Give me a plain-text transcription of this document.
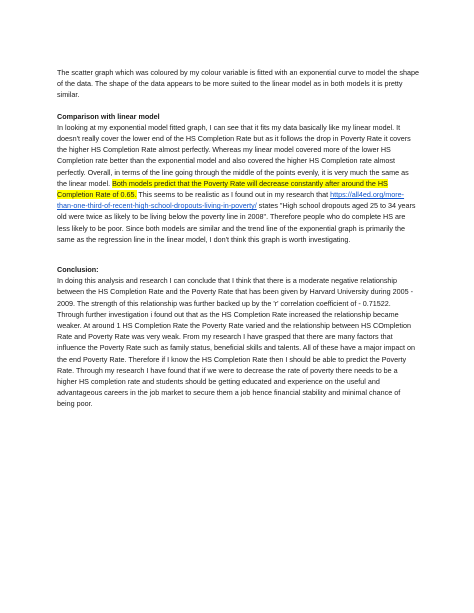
The scatter graph which was coloured by my colour variable is fitted with an exponential curve to model the shape of the data. The shape of the data appears to be more suited to the linear model as in both models it is pretty similar.

Comparison with linear model

In looking at my exponential model fitted graph, I can see that it fits my data basically like my linear model. It doesn't really cover the lower end of the HS Completion Rate but as it follows the drop in Poverty Rate it covers the higher HS Completion Rate almost perfectly. Whereas my linear model covered more of the lower HS Completion rate better than the exponential model and also covered the higher HS Completion rate almost perfectly. Overall, in terms of the line going through the middle of the points evenly, it is very much the same as the linear model. Both models predict that the Poverty Rate will decrease constantly after around the HS Completion Rate of 0.65. This seems to be realistic as I found out in my research that https://all4ed.org/more-than-one-third-of-recent-high-school-dropouts-living-in-poverty/ states "High school dropouts aged 25 to 34 years old were twice as likely to be living below the poverty line in 2008". Therefore people who do complete HS are less likely to be poor. Since both models are similar and the trend line of the exponential graph is primarily the same as the regression line in the linear model, I don't think this graph is worth investigating.

Conclusion:

In doing this analysis and research I can conclude that I think that there is a moderate negative relationship between the HS Completion Rate and the Poverty Rate that has been given by Harvard University during 2005 - 2009. The strength of this relationship was further backed up by the 'r' correlation coefficient of - 0.71522. Through further investigation i found out that as the HS Completion Rate increased the relationship became weaker. At around 1 HS Completion Rate the Poverty Rate varied and the relationship between HS COmpletion Rate and Poverty Rate was very weak. From my research I have grasped that there are many factors that influence the Poverty Rate such as family status, beneficial skills and talents. All of these have a major impact on the end Poverty Rate. Therefore if I know the HS Completion Rate then I should be able to predict the Poverty Rate. Through my research I have found that if we were to decrease the rate of poverty there needs to be a higher HS completion rate and students should be getting educated and experience on the useful and advantageous careers in the job market to secure them a job hence financial stability and minimal chance of being poor.
